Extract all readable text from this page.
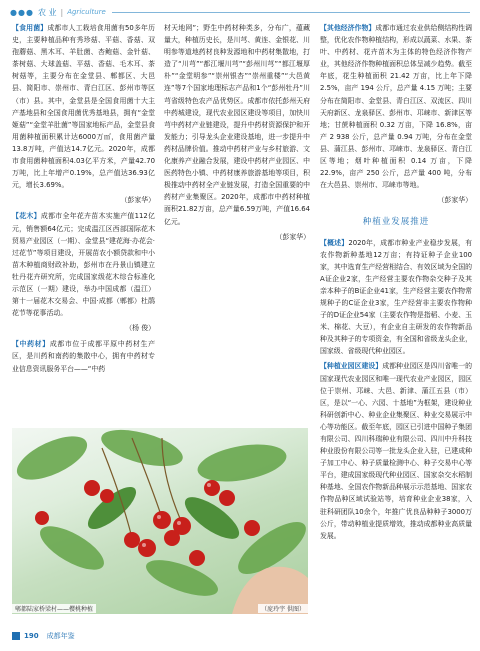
●●● 农 业 | Agriculture

【食用菌】成都市人工栽培食用菌有50多年历史，主要种植品种有秀珍菇、平菇、香菇、双孢蘑菇、黑木耳、羊肚菌、杏鲍菇、金针菇、茶树菇、大球盖菇、平菇、香菇、毛木耳、茶树菇等，主要分布在金堂县、郫都区、大邑县、简阳市、崇州市、青白江区、彭州市等区（市）县。其中，金堂县是全国食用菌十大主产基地县和全国食用菌优秀基地县，拥有“金堂姬菇”“金堂羊肚菌”等国家地标产品，金堂县食用菌种植面积累计达6000万㎡，食用菌产量13.8万吨，产值达14.7亿元。2020年，成都市食用菌种植面积4.03亿平方米，产量42.70万吨，比上年增产0.19%，总产值达36.93亿元，增长3.69%。

（彭家华）

【花木】成都市全年花卉苗木实施产值112亿元，销售额64亿元；完成温江区西部国际花木贸易产业园区（一期）、金堂县“建花海·办花会·过花节”等项目建设，开展苗农小额贷款和中小苗木种植商财政补助，彭州市在丹景山镇建立牡丹花卉研究所，完成国家级花木综合标准化示范区（一期）建设，举办中国成都（温江）第十一届花木交易会、中国·成都（郫都）杜鹃花节等花事活动。

（杨 俊）

【中药材】成都市位于成都平原中药材生产区，是川药和南药的集散中心，拥有中药材专业信息资讯服务平台——“中药

材天地网”；野生中药材种类多，分布广，蕴藏量大，种植历史长，是川芎、黄连、金银花、川明参等道地药材良种发源地和中药材集散地，打造了“川芎”“都江堰川芎”“彭州川芎”“都江堰厚朴”“金堂明参”“崇州银杏”“崇州重楼”“大邑黄连”等7个国家地理标志产品和1个“彭州牡丹”川芎省级特色农产品优势区。成都市依托彭州天府中药城建设，现代农业园区建设等项目，加快川芎中药材产业链建设，提升中药材资源保护和开发能力；引导龙头企业建设基地，进一步提升中药材品牌价值。推动中药材产业与乡村旅游、文化康养产业融合发展，建设中药材产业园区、中医药特色小镇、中药材康养旅游基地等项目，积极推动中药材全产业链发展，打造全国重要的中药材产业集聚区。2020年，成都市中药材种植面积21.82万亩，总产量6.59万吨，产值16.64亿元。

（彭家华）

【其他经济作物】成都市通过农业供给侧结构性调整，优化农作物种植结构，形成以蔬菜、水果、茶叶、中药材、花卉苗木为主体的特色经济作物产业，其他经济作物种植面积总体呈减少趋势。截至年底，花生种植面积 21.42 万亩，比上年下降 2.5%，亩产 194 公斤，总产量 4.15 万吨；主要分布在简阳市、金堂县、青白江区、双流区、四川天府新区、龙泉驿区、彭州市、邛崃市、新津区等地；甘蔗种植面积 0.32 万亩，下降 16.8%，亩产 2 938 公斤，总产量 0.94 万吨，分布在金堂县、蒲江县、彭州市、邛崃市、龙泉驿区、青白江区等地；烟叶种植面积 0.14 万亩，下降 22.9%，亩产 250 公斤，总产量 400 吨，分布在大邑县、崇州市、邛崃市等地。

（彭家华）

种植业发展推进

【概述】2020年，成都市种业产业稳步发展，有农作物新种基地12万亩；有持证种子企业100家，其中选育生产经营相结合、有效区域为全国的A证企业2家，生产经营主要农作物杂交种子及其亲本种子的B证企业41家，生产经营主要农作物常规种子的C证企业3家，生产经营非主要农作物种子的D证企业54家（主要农作物是指稻、小麦、玉米、棉花、大豆），有企业自主研发的农作物新品种及其种子的专项资金，有全国和省级龙头企业，国家级、省级现代种业园区。

【种植业园区建设】成都种业园区是四川省唯一的国家现代农业园区和唯一现代农业产业园区，园区位于崇州、邛崃、大邑、新津、蒲江五县（市）区，是以“一心、六园、十基地”为框架，建设种业科研创新中心、种业企业集聚区、种业交易展示中心等功能区。截至年底，园区已引进中国种子集团有限公司、四川科瑞种业有限公司、四川中升科技种业股份有限公司等一批龙头企业入驻，已建成种子加工中心、种子质量检测中心、种子交易中心等平台，建成国家级现代种业园区、国家杂交水稻制种基地、全国农作物新品种展示示范基地、国家农作物品种区域试验站等，培育种业企业38家，入驻科研团队10余个，年推广优良品种种子3000万公斤，带动种植业提质增效，推动成都种业高质量发展。

郫都陆家桥梁村——樱桃种植	（庞玲宇 供图）
190 成都年鉴
